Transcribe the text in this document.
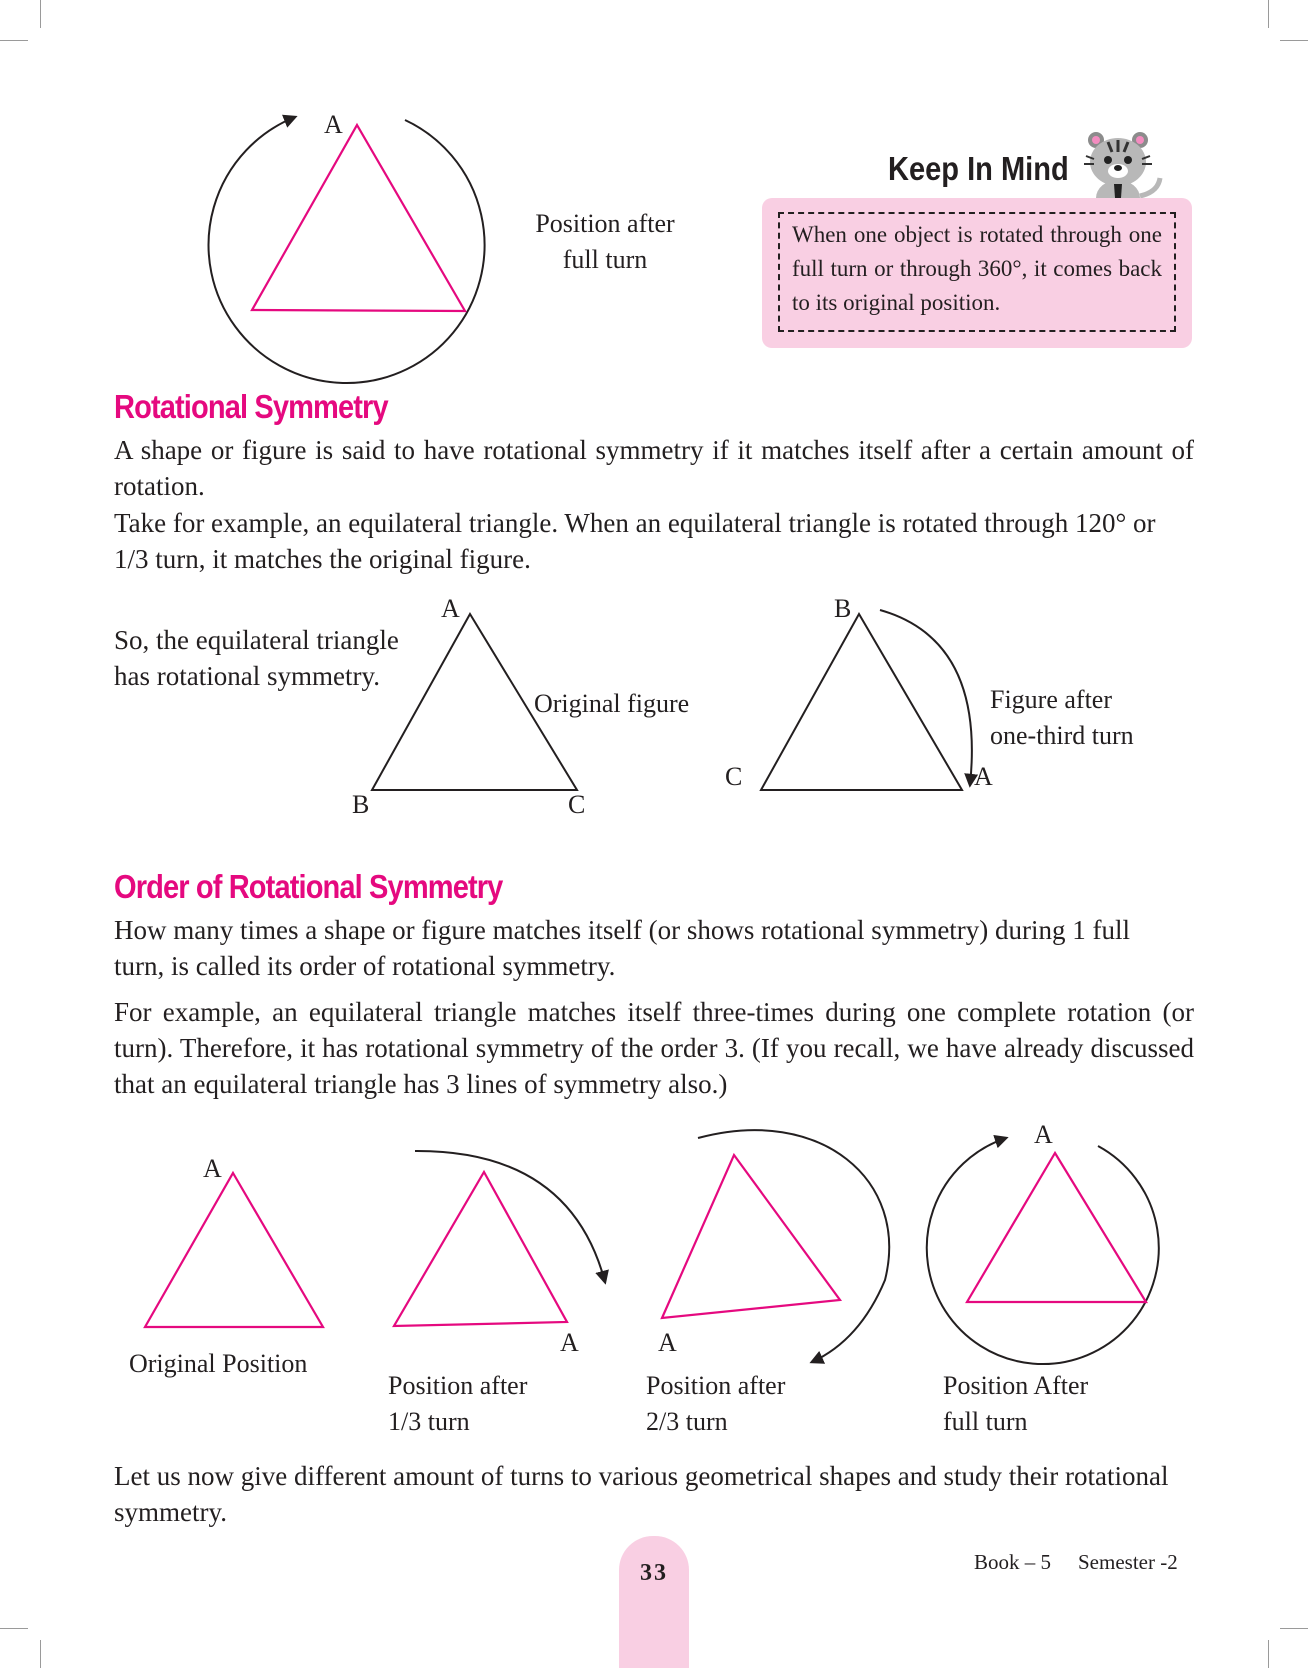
A
Position after
full turn
Keep In Mind
When one object is rotated through one full turn or through 360°, it comes back to its original position.
Rotational Symmetry
A shape or figure is said to have rotational symmetry if it matches itself after a certain amount of rotation.
Take for example, an equilateral triangle. When an equilateral triangle is rotated through 120° or 1/3 turn, it matches the original figure.
So, the equilateral triangle has rotational symmetry.
A
B	C
Original figure
B
C	A
Figure after
one-third turn
Order of Rotational Symmetry
How many times a shape or figure matches itself (or shows rotational symmetry) during 1 full turn, is called its order of rotational symmetry.
For example, an equilateral triangle matches itself three-times during one complete rotation (or turn). Therefore, it has rotational symmetry of the order 3. (If you recall, we have already discussed that an equilateral triangle has 3 lines of symmetry also.)
A
Original Position
A
Position after
1/3 turn
A
Position after
2/3 turn
A
Position After
full turn
Let us now give different amount of turns to various geometrical shapes and study their rotational symmetry.
33	Book – 5 Semester -2
